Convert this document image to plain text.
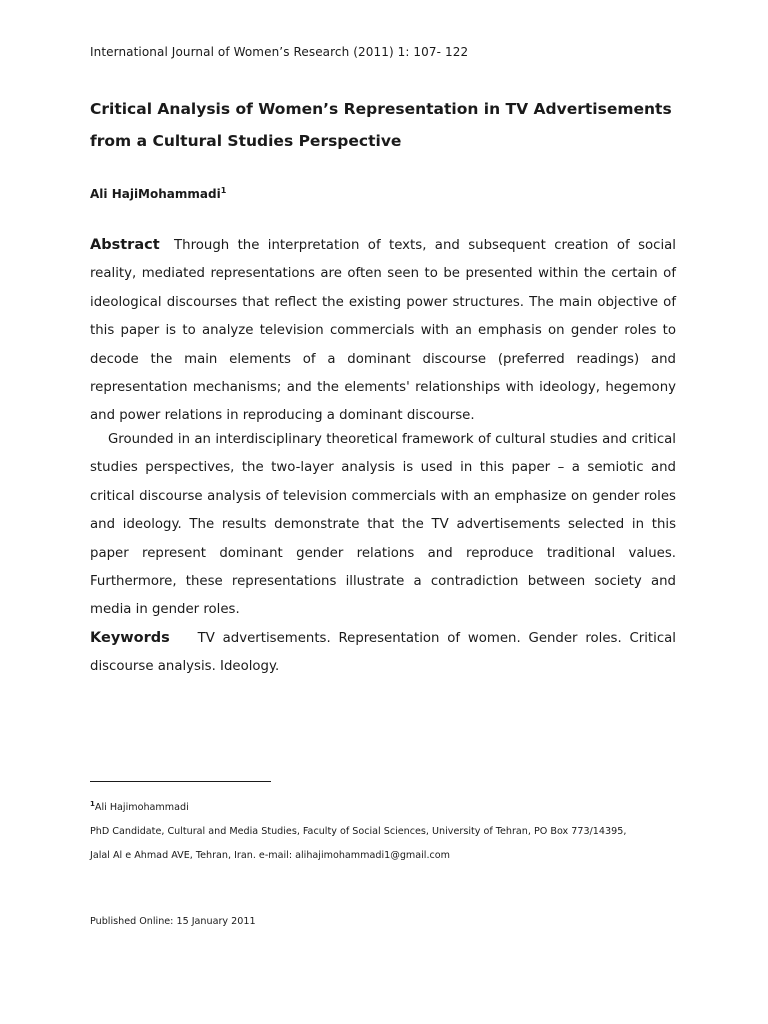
International Journal of Women’s Research (2011) 1: 107- 122
Critical Analysis of Women’s Representation in TV Advertisements
from a Cultural Studies Perspective
Ali HajiMohammadi$^1$

Abstract Through the interpretation of texts, and subsequent creation of social reality, mediated representations are often seen to be presented within the certain of ideological discourses that reflect the existing power structures. The main objective of this paper is to analyze television commercials with an emphasis on gender roles to decode the main elements of a dominant discourse (preferred readings) and representation mechanisms; and the elements' relationships with ideology, hegemony and power relations in reproducing a dominant discourse.

Grounded in an interdisciplinary theoretical framework of cultural studies and critical studies perspectives, the two-layer analysis is used in this paper – a semiotic and critical discourse analysis of television commercials with an emphasize on gender roles and ideology. The results demonstrate that the TV advertisements selected in this paper represent dominant gender relations and reproduce traditional values. Furthermore, these representations illustrate a contradiction between society and media in gender roles.

Keywords TV advertisements. Representation of women. Gender roles. Critical discourse analysis. Ideology.

$^1$Ali Hajimohammadi
PhD Candidate, Cultural and Media Studies, Faculty of Social Sciences, University of Tehran, PO Box 773/14395,
Jalal Al e Ahmad AVE, Tehran, Iran. e-mail: alihajimohammadi1@gmail.com
Published Online: 15 January 2011
